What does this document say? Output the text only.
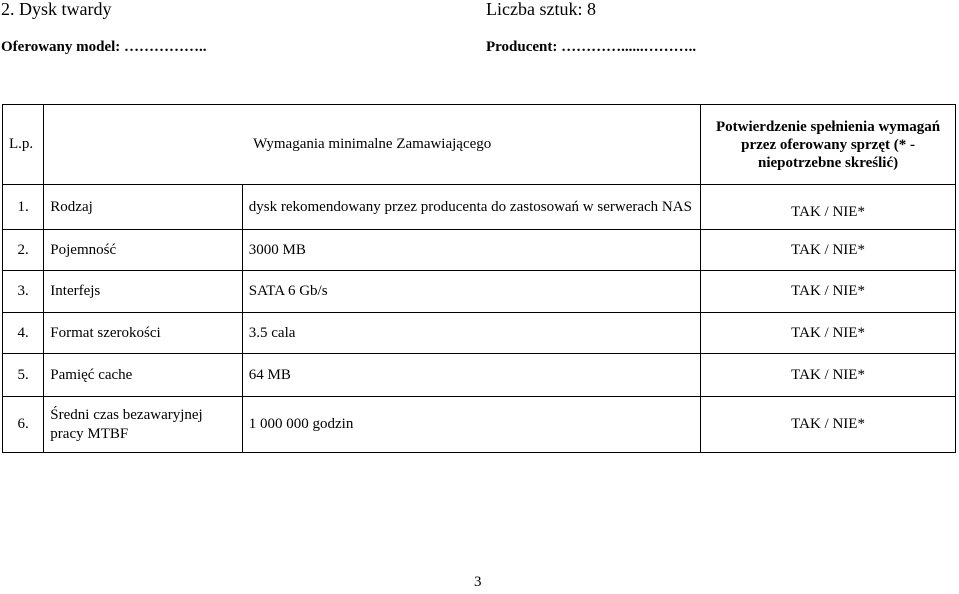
2. Dysk twardy	Liczba sztuk: 8
Oferowany model: ……………..	Producent: …………......………..
L.p.	Wymagania minimalne Zamawiającego		Potwierdzenie spełnienia wymagań przez oferowany sprzęt (* - niepotrzebne skreślić)
1.	Rodzaj	dysk rekomendowany przez producenta do zastosowań w serwerach NAS	TAK / NIE*
2.	Pojemność	3000 MB	TAK / NIE*
3.	Interfejs	SATA 6 Gb/s	TAK / NIE*
4.	Format szerokości	3.5 cala	TAK / NIE*
5.	Pamięć cache	64 MB	TAK / NIE*
6.	Średni czas bezawaryjnej pracy MTBF	1 000 000 godzin	TAK / NIE*
3
